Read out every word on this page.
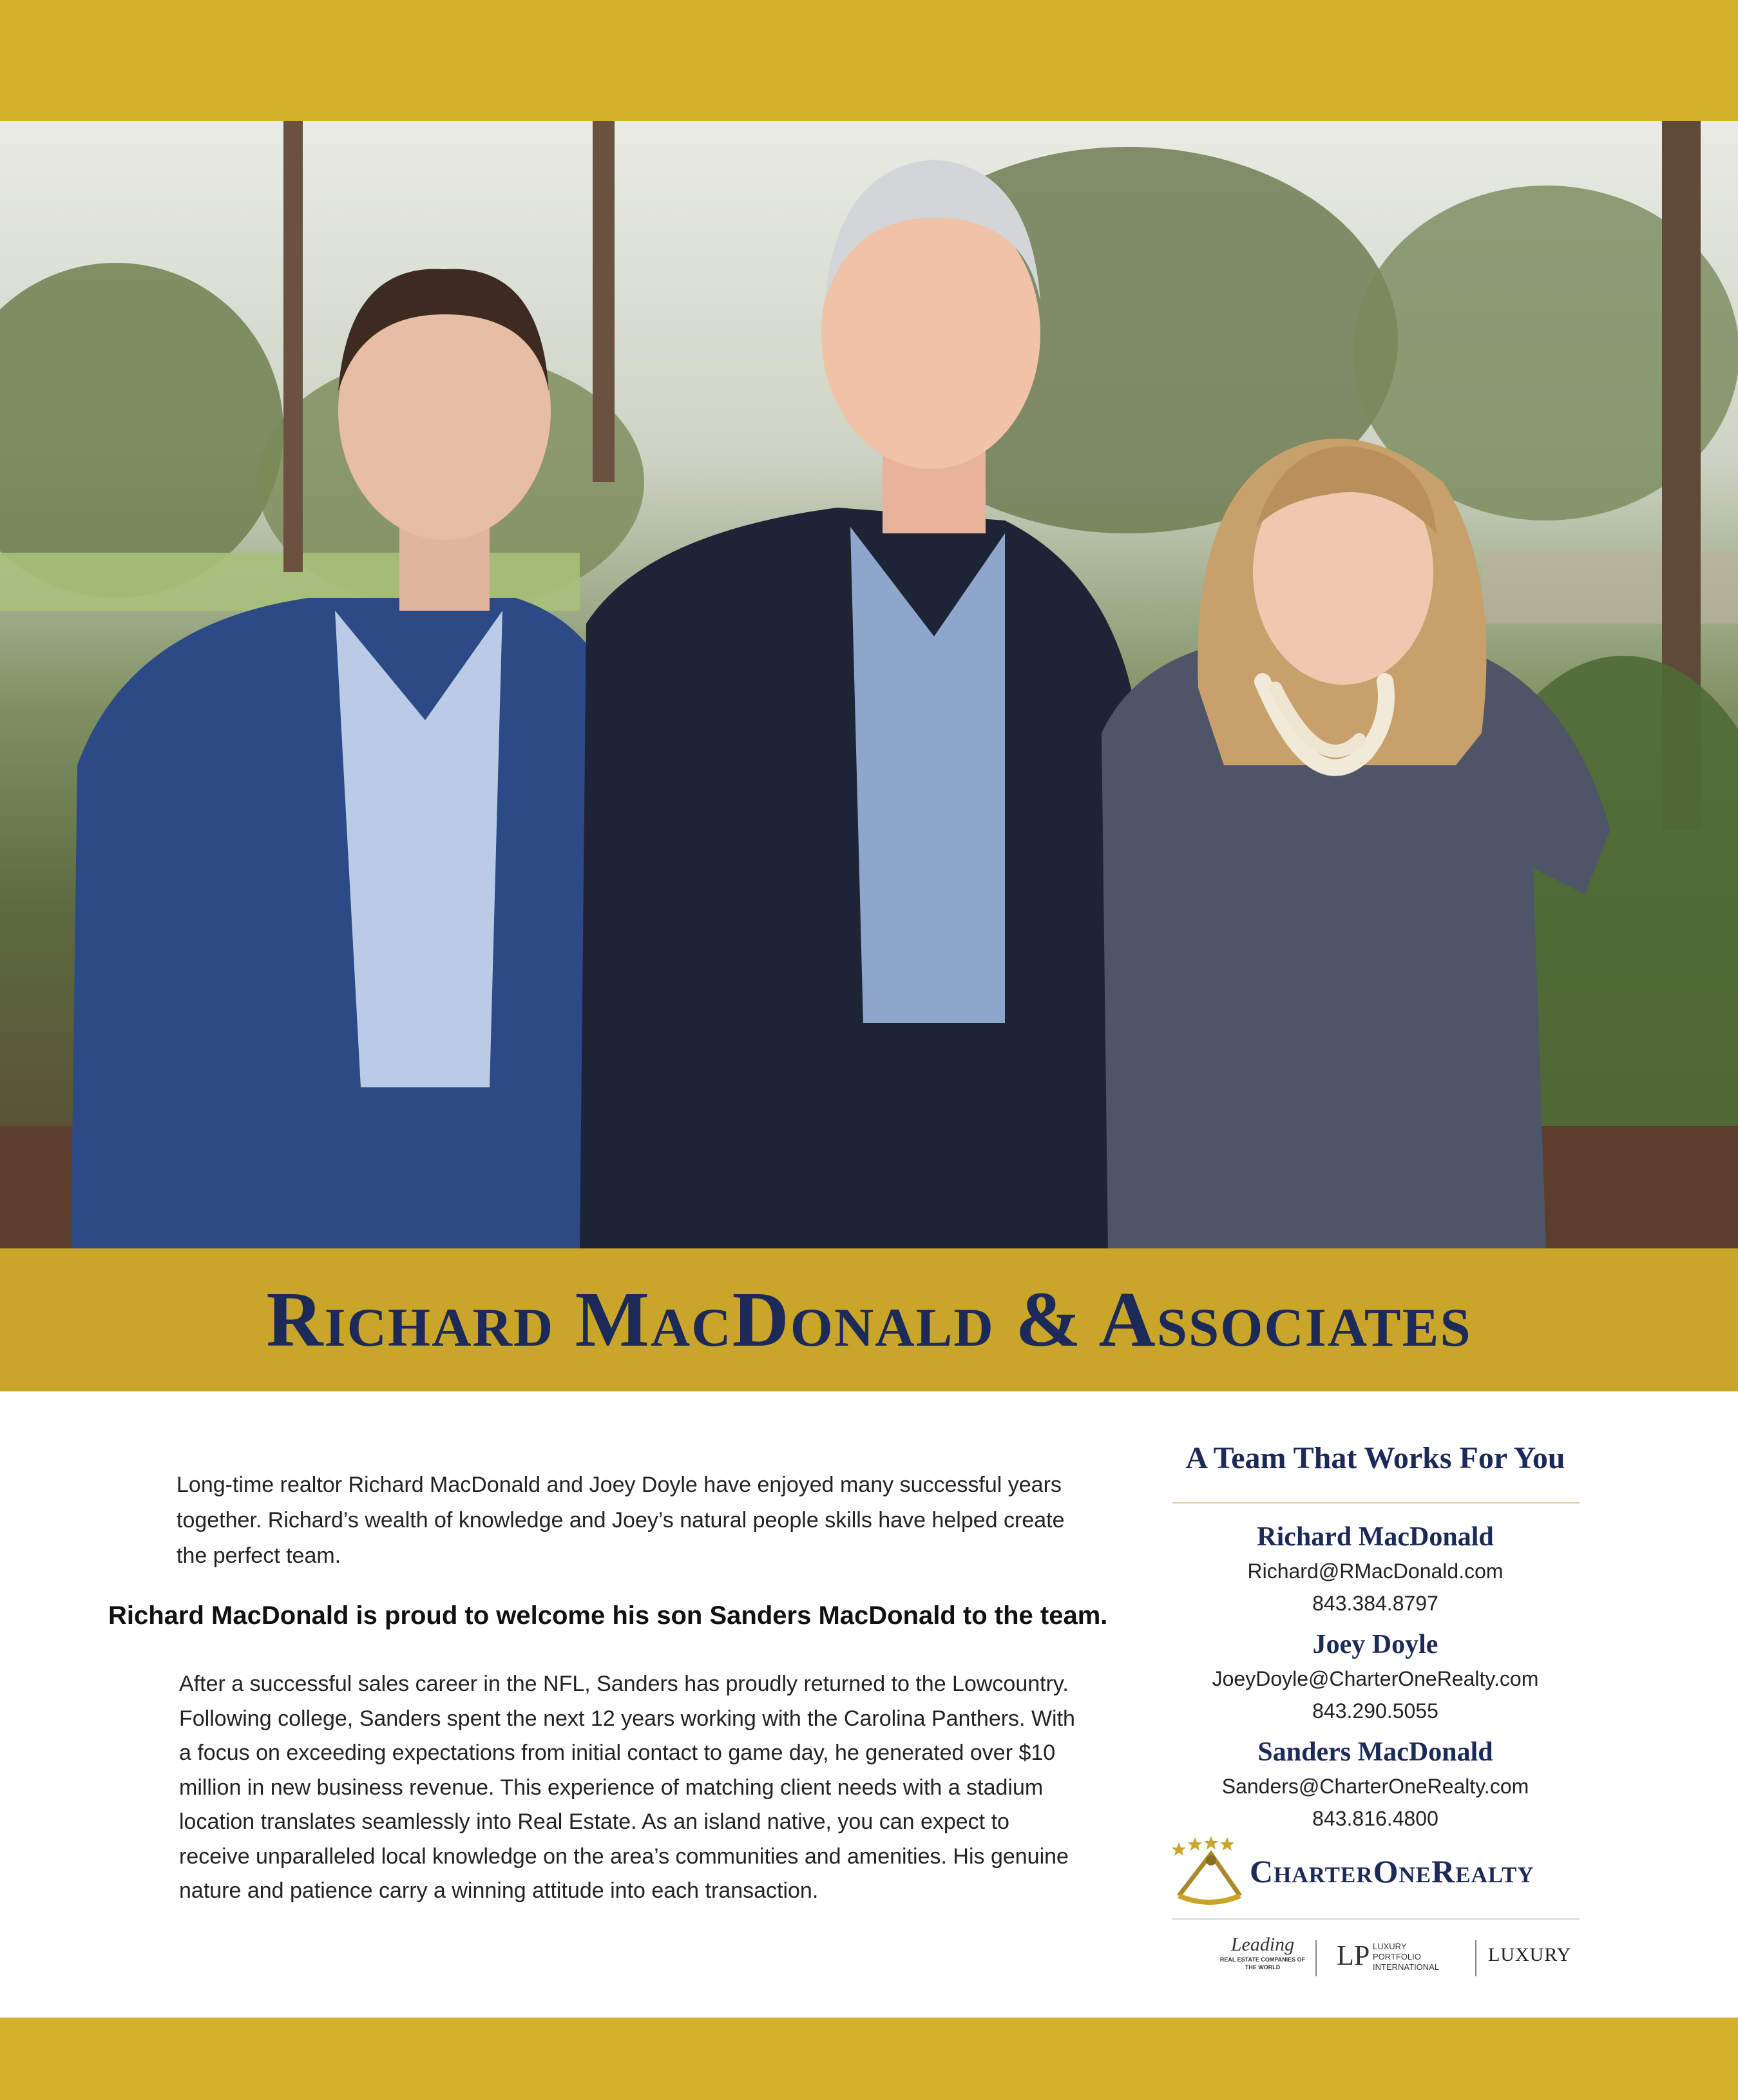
Richard MacDonald & Associates
Long-time realtor Richard MacDonald and Joey Doyle have enjoyed many successful years together. Richard’s wealth of knowledge and Joey’s natural people skills have helped create the perfect team.
Richard MacDonald is proud to welcome his son Sanders MacDonald to the team.
After a successful sales career in the NFL, Sanders has proudly returned to the Lowcountry. Following college, Sanders spent the next 12 years working with the Carolina Panthers. With a focus on exceeding expectations from initial contact to game day, he generated over $10 million in new business revenue. This experience of matching client needs with a stadium location translates seamlessly into Real Estate. As an island native, you can expect to receive unparalleled local knowledge on the area’s communities and amenities. His genuine nature and patience carry a winning attitude into each transaction.
A Team That Works For You
Richard MacDonald
Richard@RMacDonald.com
843.384.8797
Joey Doyle
JoeyDoyle@CharterOneRealty.com
843.290.5055
Sanders MacDonald
Sanders@CharterOneRealty.com
843.816.4800
CharterOneRealty
Leading
REAL ESTATE COMPANIES OF THE WORLD	LP LUXURY PORTFOLIO INTERNATIONAL
LUXURY
